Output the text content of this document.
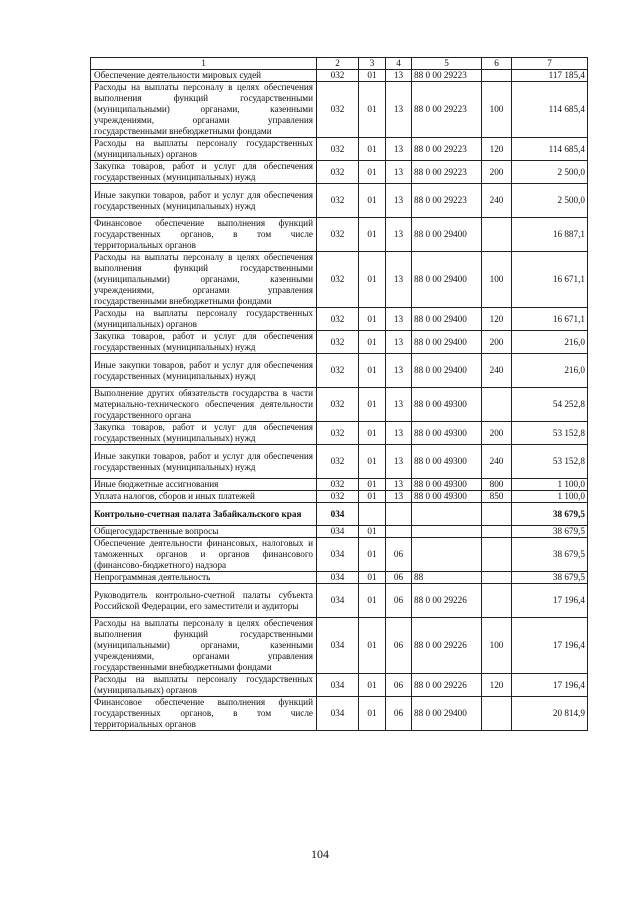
1	2	3	4	5	6	7
Обеспечение деятельности мировых судей	032	01	13	88 0 00 29223		117 185,4
Расходы на выплаты персоналу в целях обеспечения выполнения функций государственными (муниципальными) органами, казенными учреждениями, органами управления государственными внебюджетными фондами	032	01	13	88 0 00 29223	100	114 685,4
Расходы на выплаты персоналу государственных (муниципальных) органов	032	01	13	88 0 00 29223	120	114 685,4
Закупка товаров, работ и услуг для обеспечения государственных (муниципальных) нужд	032	01	13	88 0 00 29223	200	2 500,0
Иные закупки товаров, работ и услуг для обеспечения государственных (муниципальных) нужд	032	01	13	88 0 00 29223	240	2 500,0
Финансовое обеспечение выполнения функций государственных органов, в том числе территориальных органов	032	01	13	88 0 00 29400		16 887,1
Расходы на выплаты персоналу в целях обеспечения выполнения функций государственными (муниципальными) органами, казенными учреждениями, органами управления государственными внебюджетными фондами	032	01	13	88 0 00 29400	100	16 671,1
Расходы на выплаты персоналу государственных (муниципальных) органов	032	01	13	88 0 00 29400	120	16 671,1
Закупка товаров, работ и услуг для обеспечения государственных (муниципальных) нужд	032	01	13	88 0 00 29400	200	216,0
Иные закупки товаров, работ и услуг для обеспечения государственных (муниципальных) нужд	032	01	13	88 0 00 29400	240	216,0
Выполнение других обязательств государства в части материально-технического обеспечения деятельности государственного органа	032	01	13	88 0 00 49300		54 252,8
Закупка товаров, работ и услуг для обеспечения государственных (муниципальных) нужд	032	01	13	88 0 00 49300	200	53 152,8
Иные закупки товаров, работ и услуг для обеспечения государственных (муниципальных) нужд	032	01	13	88 0 00 49300	240	53 152,8
Иные бюджетные ассигнования	032	01	13	88 0 00 49300	800	1 100,0
Уплата налогов, сборов и иных платежей	032	01	13	88 0 00 49300	850	1 100,0
Контрольно-счетная палата Забайкальского края	034					38 679,5
Общегосударственные вопросы	034	01				38 679,5
Обеспечение деятельности финансовых, налоговых и таможенных органов и органов финансового (финансово-бюджетного) надзора	034	01	06			38 679,5
Непрограммная деятельность	034	01	06	88		38 679,5
Руководитель контрольно-счетной палаты субъекта Российской Федерации, его заместители и аудиторы	034	01	06	88 0 00 29226		17 196,4
Расходы на выплаты персоналу в целях обеспечения выполнения функций государственными (муниципальными) органами, казенными учреждениями, органами управления государственными внебюджетными фондами	034	01	06	88 0 00 29226	100	17 196,4
Расходы на выплаты персоналу государственных (муниципальных) органов	034	01	06	88 0 00 29226	120	17 196,4
Финансовое обеспечение выполнения функций государственных органов, в том числе территориальных органов	034	01	06	88 0 00 29400		20 814,9
104
